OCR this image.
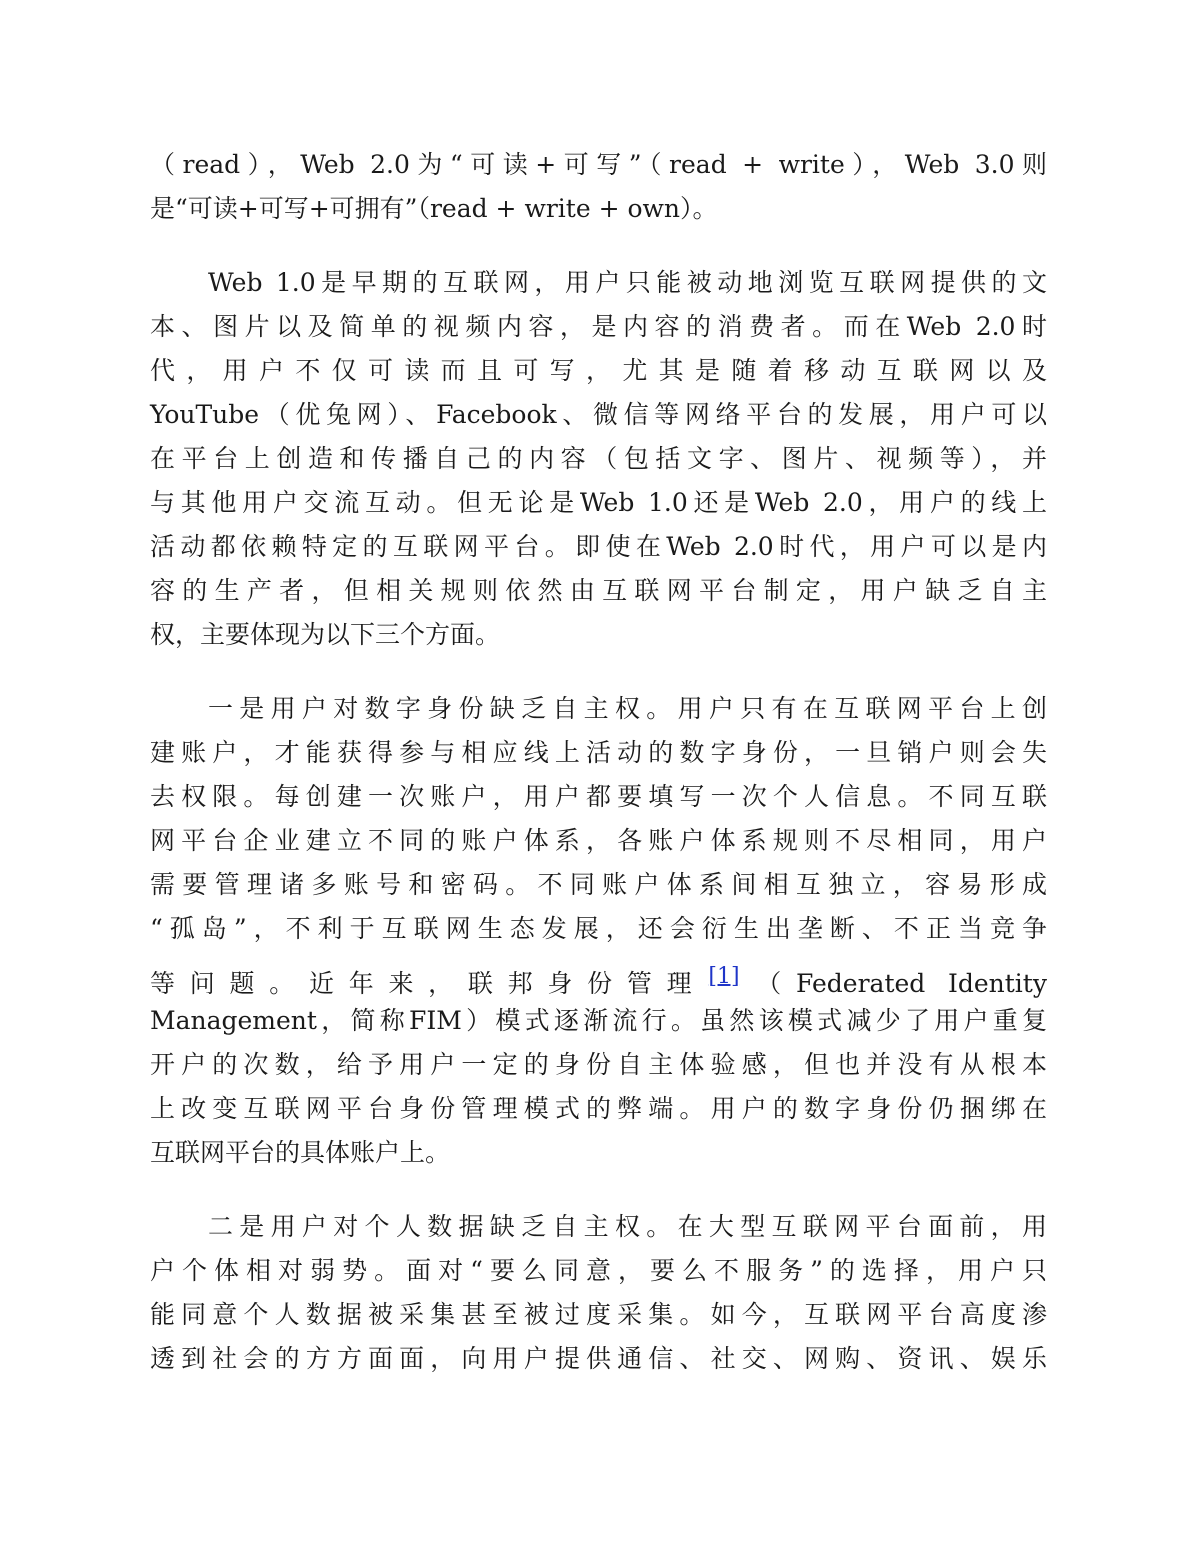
（read），Web 2.0为“可读+可写”（read + write），Web 3.0则
是“可读+可写+可拥有”（read + write + own）。
Web 1.0是早期的互联网，用户只能被动地浏览互联网提供的文
本、图片以及简单的视频内容，是内容的消费者。而在Web 2.0时
代，用户不仅可读而且可写，尤其是随着移动互联网以及
YouTube（优兔网）、Facebook、微信等网络平台的发展，用户可以
在平台上创造和传播自己的内容（包括文字、图片、视频等），并
与其他用户交流互动。但无论是Web 1.0还是Web 2.0，用户的线上
活动都依赖特定的互联网平台。即使在Web 2.0时代，用户可以是内
容的生产者，但相关规则依然由互联网平台制定，用户缺乏自主
权，主要体现为以下三个方面。
一是用户对数字身份缺乏自主权。用户只有在互联网平台上创
建账户，才能获得参与相应线上活动的数字身份，一旦销户则会失
去权限。每创建一次账户，用户都要填写一次个人信息。不同互联
网平台企业建立不同的账户体系，各账户体系规则不尽相同，用户
需要管理诸多账号和密码。不同账户体系间相互独立，容易形成
“孤岛”，不利于互联网生态发展，还会衍生出垄断、不正当竞争
等问题。近年来，联邦身份管理[1]（Federated Identity
Management，简称FIM）模式逐渐流行。虽然该模式减少了用户重复
开户的次数，给予用户一定的身份自主体验感，但也并没有从根本
上改变互联网平台身份管理模式的弊端。用户的数字身份仍捆绑在
互联网平台的具体账户上。
二是用户对个人数据缺乏自主权。在大型互联网平台面前，用
户个体相对弱势。面对“要么同意，要么不服务”的选择，用户只
能同意个人数据被采集甚至被过度采集。如今，互联网平台高度渗
透到社会的方方面面，向用户提供通信、社交、网购、资讯、娱乐
